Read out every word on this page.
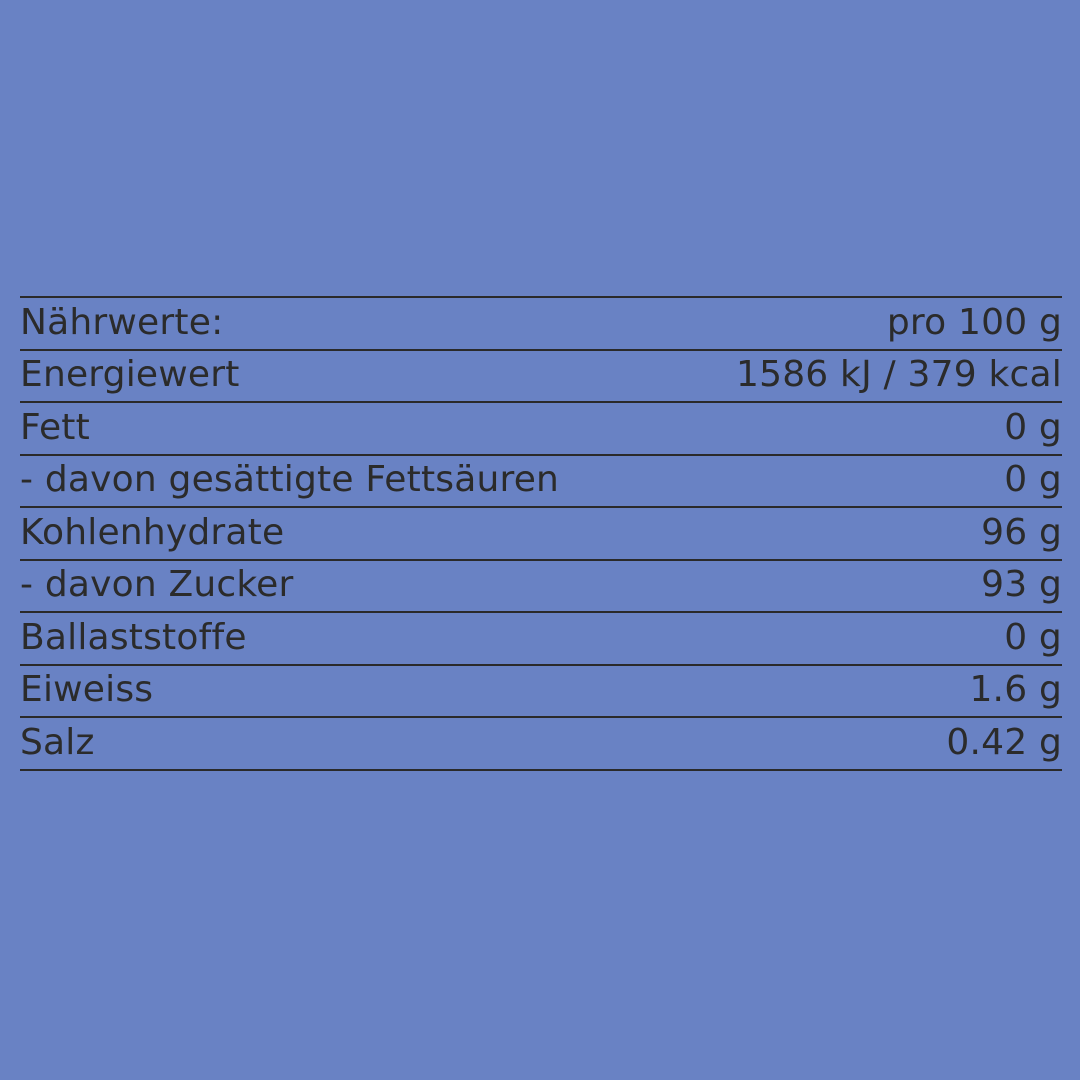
Nährwerte:	pro 100 g
Energiewert	1586 kJ / 379 kcal
Fett	0 g
- davon gesättigte Fettsäuren	0 g
Kohlenhydrate	96 g
- davon Zucker	93 g
Ballaststoffe	0 g
Eiweiss	1.6 g
Salz	0.42 g
